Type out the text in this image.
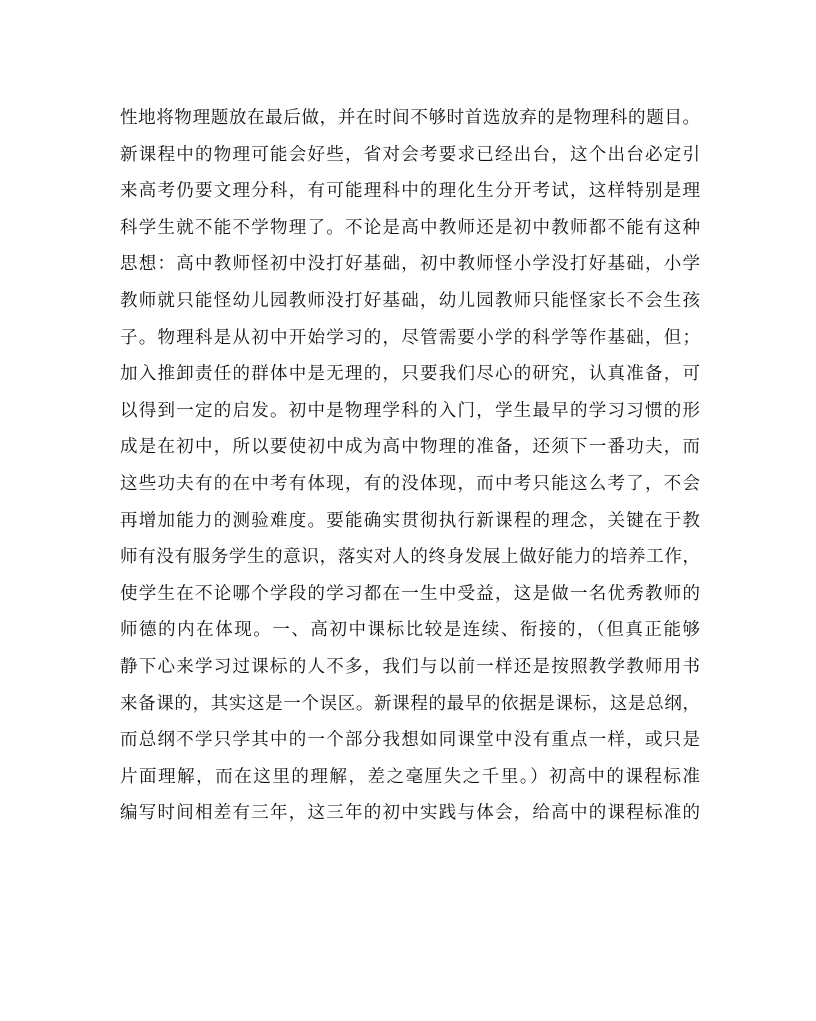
性地将物理题放在最后做，并在时间不够时首选放弃的是物理科的题目。
新课程中的物理可能会好些，省对会考要求已经出台，这个出台必定引
来高考仍要文理分科，有可能理科中的理化生分开考试，这样特别是理
科学生就不能不学物理了。不论是高中教师还是初中教师都不能有这种
思想：高中教师怪初中没打好基础，初中教师怪小学没打好基础，小学
教师就只能怪幼儿园教师没打好基础，幼儿园教师只能怪家长不会生孩
子。物理科是从初中开始学习的，尽管需要小学的科学等作基础，但；
加入推卸责任的群体中是无理的，只要我们尽心的研究，认真准备，可
以得到一定的启发。初中是物理学科的入门，学生最早的学习习惯的形
成是在初中，所以要使初中成为高中物理的准备，还须下一番功夫，而
这些功夫有的在中考有体现，有的没体现，而中考只能这么考了，不会
再增加能力的测验难度。要能确实贯彻执行新课程的理念，关键在于教
师有没有服务学生的意识，落实对人的终身发展上做好能力的培养工作，
使学生在不论哪个学段的学习都在一生中受益，这是做一名优秀教师的
师德的内在体现。一、高初中课标比较是连续、衔接的，（但真正能够
静下心来学习过课标的人不多，我们与以前一样还是按照教学教师用书
来备课的，其实这是一个误区。新课程的最早的依据是课标，这是总纲，
而总纲不学只学其中的一个部分我想如同课堂中没有重点一样，或只是
片面理解，而在这里的理解，差之毫厘失之千里。）初高中的课程标准
编写时间相差有三年，这三年的初中实践与体会，给高中的课程标准的
